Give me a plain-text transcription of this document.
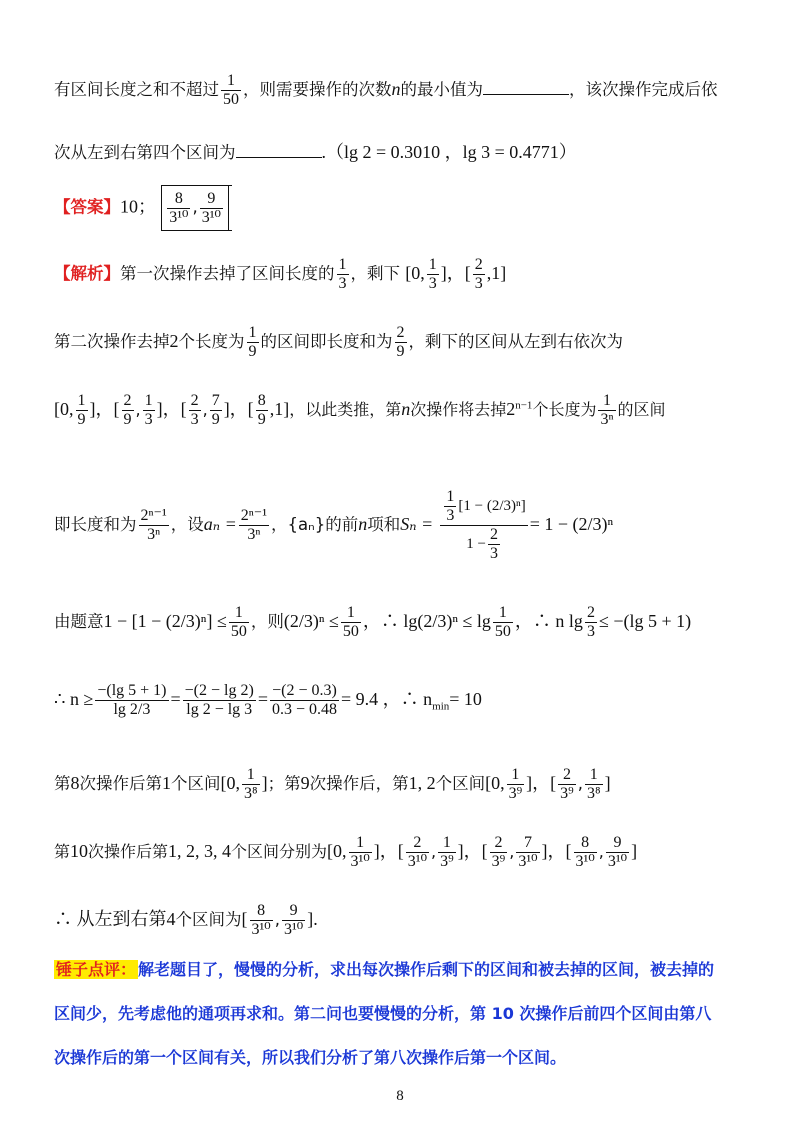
有区间长度之和不超过 $\frac{1}{50}$ ，则需要操作的次数n的最小值为	，该次操作完成后依
次从左到右第四个区间为	.（lg 2 = 0.3010 ，lg 3 = 0.4771）
【答案】10； $\frac{8}{\text{3¹⁰}}$ , $\frac{9}{\text{3¹⁰}}$
【解析】第一次操作去掉了区间长度的 $\frac{1}{3}$ ，剩下 [0, $\frac{1}{3}$ ]，[ $\frac{2}{3} ,1$]
第二次操作去掉2个长度为 $\frac{1}{9}$ 的区间即长度和为 $\frac{2}{9}$ ，剩下的区间从左到右依次为
[0, $\frac{1}{9}$ ]，[ $\frac{2}{9}$ , $\frac{1}{3}$ ]，[ $\frac{2}{3}$ , $\frac{7}{9}$ ]，[ $\frac{8}{9} ,1$]，以此类推，第n次操作将去掉$2^{n-1}$个长度为 $\frac{1}{\text{3ⁿ}}$ 的区间
即长度和为 $\frac{\text{2ⁿ⁻¹}}{\text{3ⁿ}}$ ，设$a_n = \frac{\text{2ⁿ⁻¹}}{\text{3ⁿ}}$ ，{aₙ}的前n项和$S_n = \frac{\frac{1}{3} [1 - (2/3)^n]}{1 - \frac{2}{3}} = 1 - (2/3)^n$
由题意$1 - [1 - (2/3)^n] \le \frac{1}{50}$ ，则$(2/3)^n \le \frac{1}{50}$ ，∴ $\lg(2/3)^n \le \lg \frac{1}{50}$ ，∴ n $\lg \frac{2}{3} \le -(\lg$ 5 + 1)
∴ $n \ge \frac{-(\lg 5 + 1)}{\lg 2/3} = \frac{-(2 - \lg 2)}{\lg 2 - \lg 3} = \frac{-(2 - 0.3)}{0.3 - 0.48} = 9.4$ ，∴ $n_{min}= 10$
第8次操作后第1个区间[0, $\frac{1}{\text{3⁸}}$ ]；第9次操作后，第1, 2个区间[0, $\frac{1}{\text{3⁹}}$ ]，[ $\frac{2}{\text{3⁹}}$ , $\frac{1}{\text{3⁸}}$ ]
第10次操作后第1, 2, 3, 4个区间分别为[0, $\frac{1}{\text{3¹⁰}}$ ]，[ $\frac{2}{\text{3¹⁰}}$ , $\frac{1}{\text{3⁹}}$ ]，[ $\frac{2}{\text{3⁹}}$ , $\frac{7}{\text{3¹⁰}}$ ]，[ $\frac{8}{\text{3¹⁰}}$ , $\frac{9}{\text{3¹⁰}}$ ]
∴ 从左到右第4个区间为[ $\frac{8}{\text{3¹⁰}}$ , $\frac{9}{\text{3¹⁰}}$ ].
锤子点评： 解老题目了，慢慢的分析，求出每次操作后剩下的区间和被去掉的区间，被去掉的
区间少，先考虑他的通项再求和。第二问也要慢慢的分析，第 10 次操作后前四个区间由第八
次操作后的第一个区间有关，所以我们分析了第八次操作后第一个区间。
8
